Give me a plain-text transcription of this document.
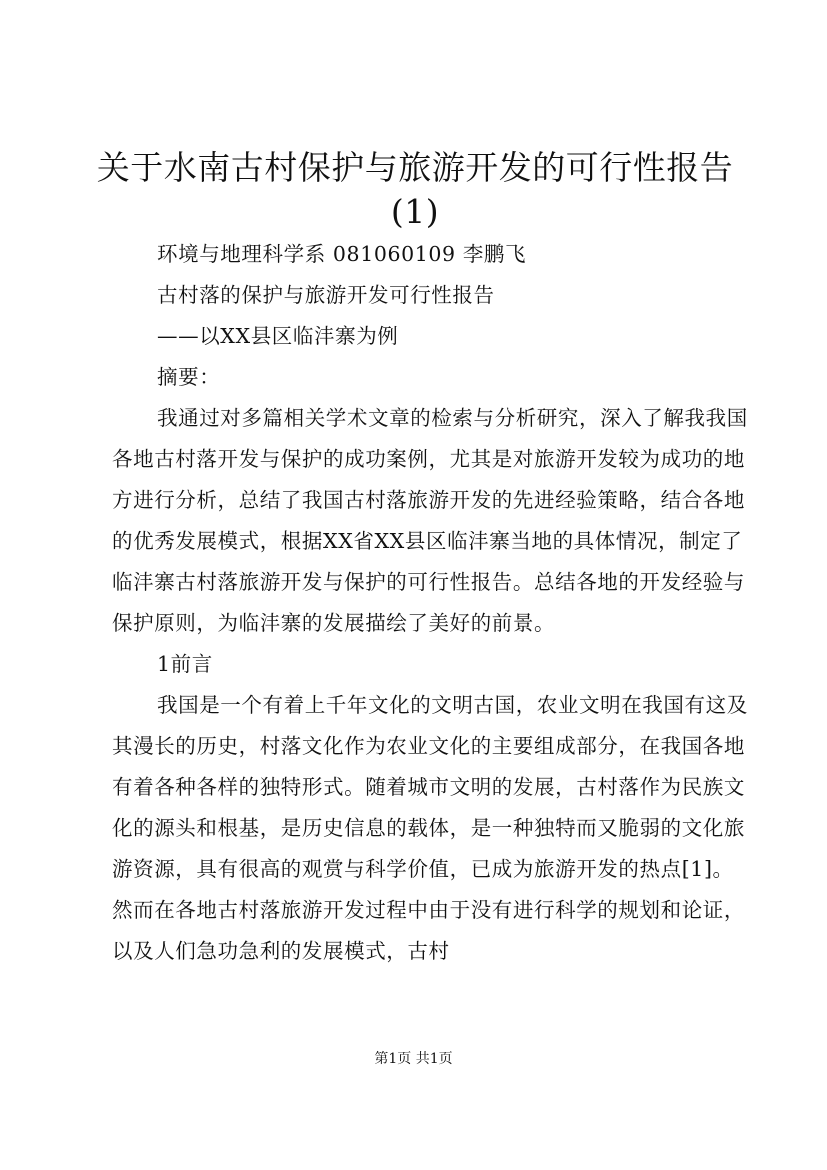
关于水南古村保护与旅游开发的可行性报告(1)

环境与地理科学系 081060109 李鹏飞

古村落的保护与旅游开发可行性报告

——以XX县区临沣寨为例

摘要：

我通过对多篇相关学术文章的检索与分析研究，深入了解我我国各地古村落开发与保护的成功案例，尤其是对旅游开发较为成功的地方进行分析，总结了我国古村落旅游开发的先进经验策略，结合各地的优秀发展模式，根据XX省XX县区临沣寨当地的具体情况，制定了临沣寨古村落旅游开发与保护的可行性报告。总结各地的开发经验与保护原则，为临沣寨的发展描绘了美好的前景。

1前言

我国是一个有着上千年文化的文明古国，农业文明在我国有这及其漫长的历史，村落文化作为农业文化的主要组成部分，在我国各地有着各种各样的独特形式。随着城市文明的发展，古村落作为民族文化的源头和根基，是历史信息的载体，是一种独特而又脆弱的文化旅游资源，具有很高的观赏与科学价值，已成为旅游开发的热点[1]。然而在各地古村落旅游开发过程中由于没有进行科学的规划和论证，以及人们急功急利的发展模式，古村

第1页 共1页
